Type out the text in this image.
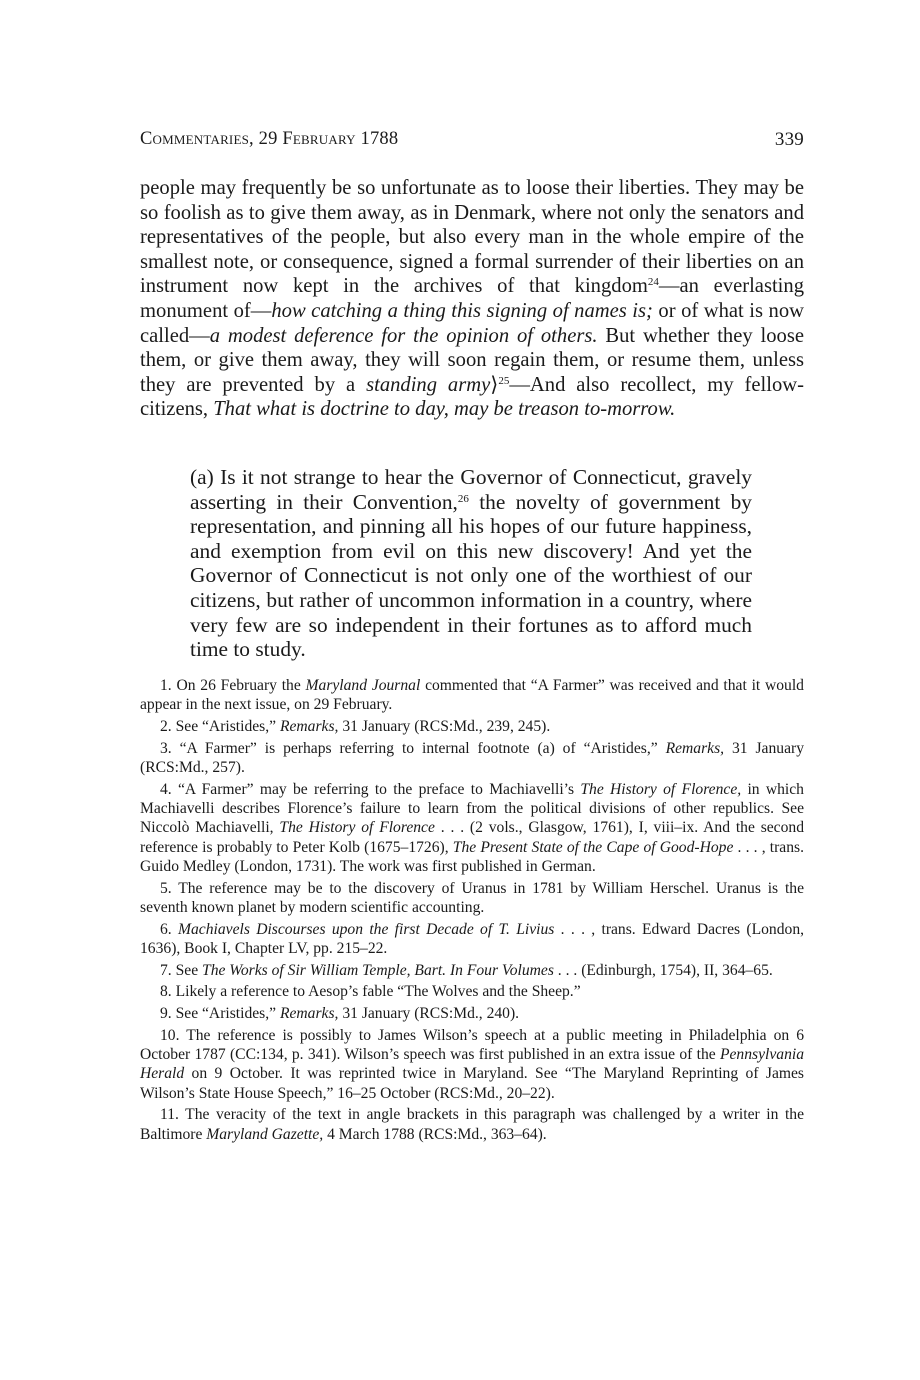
Commentaries, 29 February 1788	339

people may frequently be so unfortunate as to loose their liberties. They may be so foolish as to give them away, as in Denmark, where not only the senators and representatives of the people, but also every man in the whole empire of the smallest note, or consequence, signed a formal surrender of their liberties on an instrument now kept in the archives of that kingdom$^{24}$—an everlasting monument of—how catching a thing this signing of names is; or of what is now called—a modest deference for the opinion of others. But whether they loose them, or give them away, they will soon regain them, or resume them, unless they are prevented by a standing army⟩$^{25}$—And also recollect, my fellow-citizens, That what is doctrine to day, may be treason to-morrow.

(a) Is it not strange to hear the Governor of Connecticut, gravely asserting in their Convention,$^{26}$ the novelty of government by representation, and pinning all his hopes of our future happiness, and exemption from evil on this new discovery! And yet the Governor of Connecticut is not only one of the worthiest of our citizens, but rather of uncommon information in a country, where very few are so independent in their fortunes as to afford much time to study.

1. On 26 February the Maryland Journal commented that “A Farmer” was received and that it would appear in the next issue, on 29 February.

2. See “Aristides,” Remarks, 31 January (RCS:Md., 239, 245).

3. “A Farmer” is perhaps referring to internal footnote (a) of “Aristides,” Remarks, 31 January (RCS:Md., 257).

4. “A Farmer” may be referring to the preface to Machiavelli’s The History of Florence, in which Machiavelli describes Florence’s failure to learn from the political divisions of other republics. See Niccolò Machiavelli, The History of Florence . . . (2 vols., Glasgow, 1761), I, viii–ix. And the second reference is probably to Peter Kolb (1675–1726), The Present State of the Cape of Good-Hope . . . , trans. Guido Medley (London, 1731). The work was first published in German.

5. The reference may be to the discovery of Uranus in 1781 by William Herschel. Uranus is the seventh known planet by modern scientific accounting.

6. Machiavels Discourses upon the first Decade of T. Livius . . . , trans. Edward Dacres (London, 1636), Book I, Chapter LV, pp. 215–22.

7. See The Works of Sir William Temple, Bart. In Four Volumes . . . (Edinburgh, 1754), II, 364–65.

8. Likely a reference to Aesop’s fable “The Wolves and the Sheep.”

9. See “Aristides,” Remarks, 31 January (RCS:Md., 240).

10. The reference is possibly to James Wilson’s speech at a public meeting in Philadelphia on 6 October 1787 (CC:134, p. 341). Wilson’s speech was first published in an extra issue of the Pennsylvania Herald on 9 October. It was reprinted twice in Maryland. See “The Maryland Reprinting of James Wilson’s State House Speech,” 16–25 October (RCS:Md., 20–22).

11. The veracity of the text in angle brackets in this paragraph was challenged by a writer in the Baltimore Maryland Gazette, 4 March 1788 (RCS:Md., 363–64).
